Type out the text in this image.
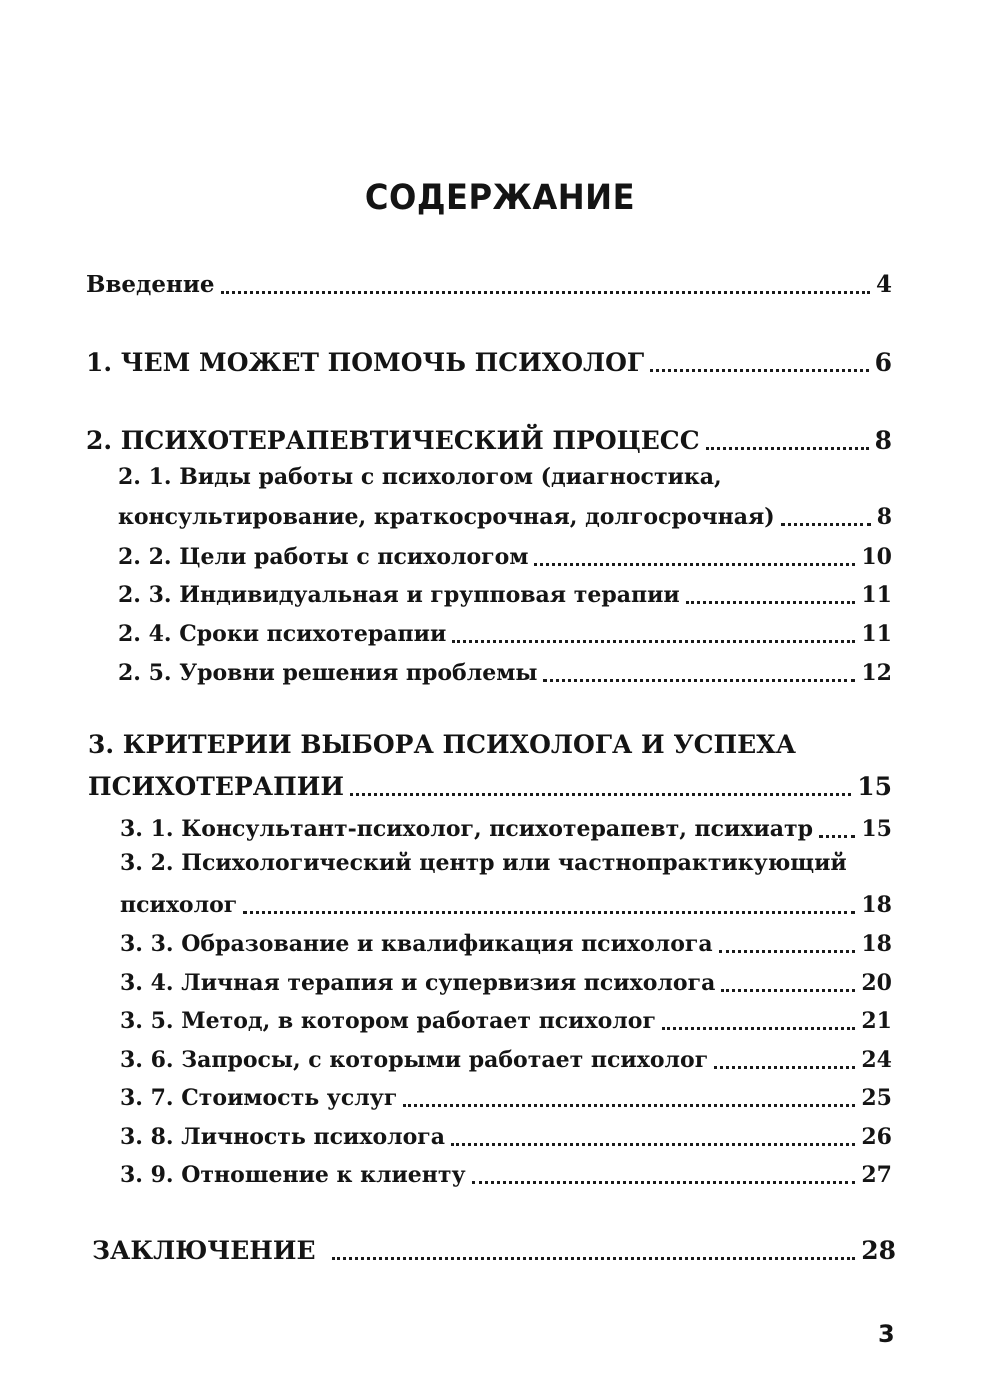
СОДЕРЖАНИЕ
Введение	4
1. ЧЕМ МОЖЕТ ПОМОЧЬ ПСИХОЛОГ	6
2. ПСИХОТЕРАПЕВТИЧЕСКИЙ ПРОЦЕСС	8
2. 1. Виды работы с психологом (диагностика,
консультирование, краткосрочная, долгосрочная)	8
2. 2. Цели работы с психологом	10
2. 3. Индивидуальная и групповая терапии	11
2. 4. Сроки психотерапии	11
2. 5. Уровни решения проблемы	12
3. КРИТЕРИИ ВЫБОРА ПСИХОЛОГА И УСПЕХА
ПСИХОТЕРАПИИ	15
3. 1. Консультант-психолог, психотерапевт, психиатр 15
3. 2. Психологический центр или частнопрактикующий
психолог	18
3. 3. Образование и квалификация психолога	18
3. 4. Личная терапия и супервизия психолога	20
3. 5. Метод, в котором работает психолог	21
3. 6. Запросы, с которыми работает психолог	24
3. 7. Стоимость услуг	25
3. 8. Личность психолога	26
3. 9. Отношение к клиенту	27
ЗАКЛЮЧЕНИЕ	28
3
